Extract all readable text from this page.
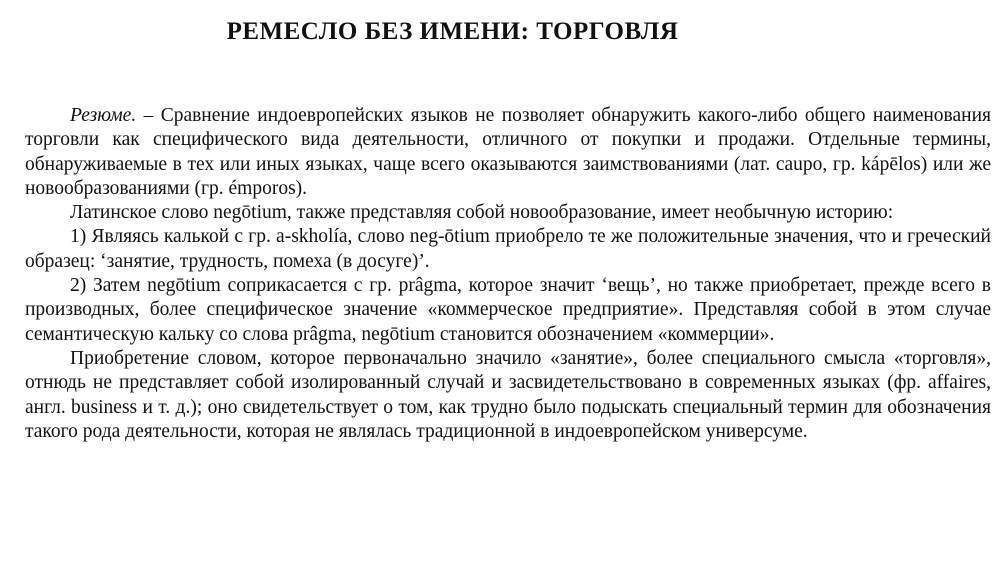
РЕМЕСЛО БЕЗ ИМЕНИ: ТОРГОВЛЯ

Резюме. – Сравнение индоевропейских языков не позволяет обнаружить какого-либо общего наименования торговли как специфического вида деятельности, отличного от покупки и продажи. Отдельные термины, обнаруживаемые в тех или иных языках, чаще всего оказываются заимствованиями (лат. caupo, гр. kápēlos) или же новообразованиями (гр. émporos).

Латинское слово negōtium, также представляя собой новообразование, имеет необычную историю:

1) Являясь калькой с гр. a-skholía, слово neg-ōtium приобрело те же положительные значения, что и греческий образец: ‘занятие, трудность, помеха (в досуге)’.

2) Затем negōtium соприкасается с гр. prâgma, которое значит ‘вещь’, но также приобретает, прежде всего в производных, более специфическое значение «коммерческое предприятие». Представляя собой в этом случае семантическую кальку со слова prâgma, negōtium становится обозначением «коммерции».

Приобретение словом, которое первоначально значило «занятие», более специального смысла «торговля», отнюдь не представляет собой изолированный случай и засвидетельствовано в современных языках (фр. affaires, англ. business и т. д.); оно свидетельствует о том, как трудно было подыскать специальный термин для обозначения такого рода деятельности, которая не являлась традиционной в индоевропейском универсуме.
